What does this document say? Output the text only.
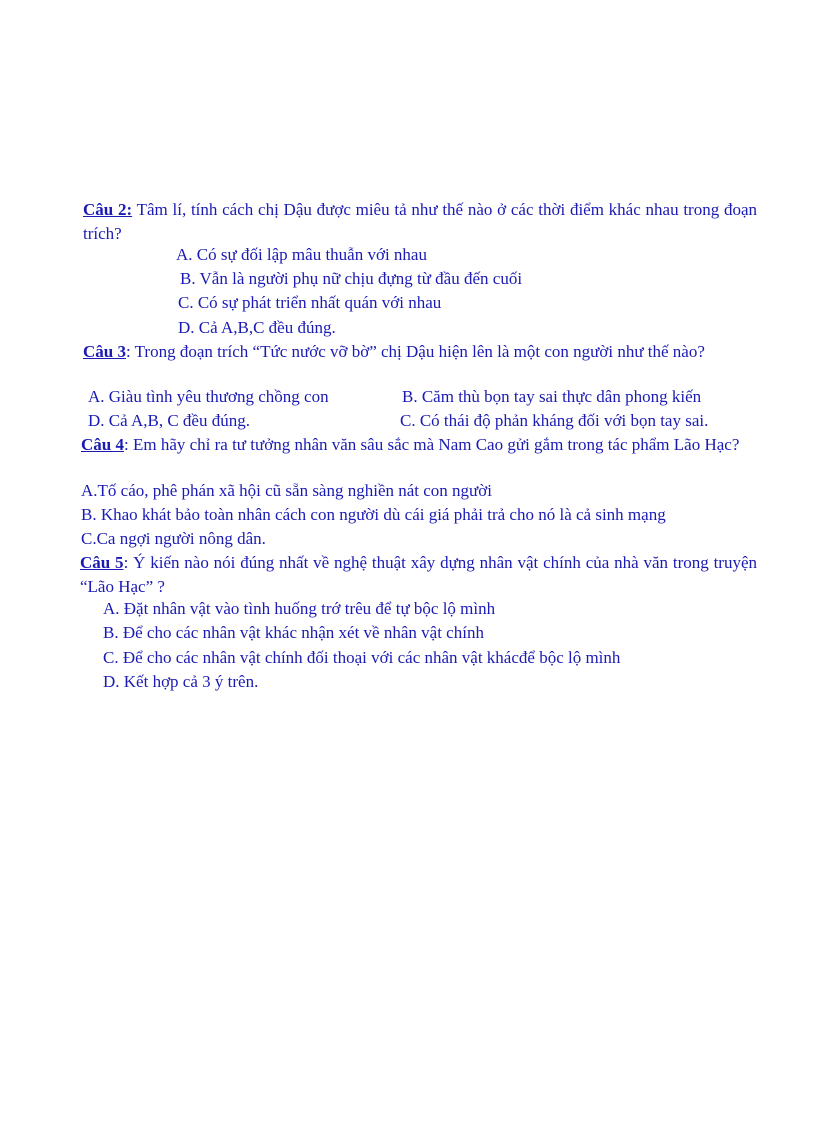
Câu 2: Tâm lí, tính cách chị Dậu được miêu tả như thế nào ở các thời điểm khác nhau trong đoạn trích?

A. Có sự đối lập mâu thuẫn với nhau
B. Vẫn là người phụ nữ chịu đựng từ đầu đến cuối
C. Có sự phát triển nhất quán với nhau
D. Cả A,B,C đều đúng.

Câu 3: Trong đoạn trích “Tức nước vỡ bờ” chị Dậu hiện lên là một con người như thế nào?

A. Giàu tình yêu thương chồng con	B. Căm thù bọn tay sai thực dân phong kiến
D. Cả A,B, C đều đúng.	C. Có thái độ phản kháng đối với bọn tay sai.

Câu 4: Em hãy chỉ ra tư tưởng nhân văn sâu sắc mà Nam Cao gửi gắm trong tác phẩm Lão Hạc?

A.Tố cáo, phê phán xã hội cũ sẵn sàng nghiền nát con người
B. Khao khát bảo toàn nhân cách con người dù cái giá phải trả cho nó là cả sinh mạng
C.Ca ngợi người nông dân.

Câu 5: Ý kiến nào nói đúng nhất về nghệ thuật xây dựng nhân vật chính của nhà văn trong truyện “Lão Hạc” ?

A. Đặt nhân vật vào tình huống trớ trêu để tự bộc lộ mình
B. Để cho các nhân vật khác nhận xét về nhân vật chính
C. Để cho các nhân vật chính đối thoại với các nhân vật khácđể bộc lộ mình
D. Kết hợp cả 3 ý trên.
